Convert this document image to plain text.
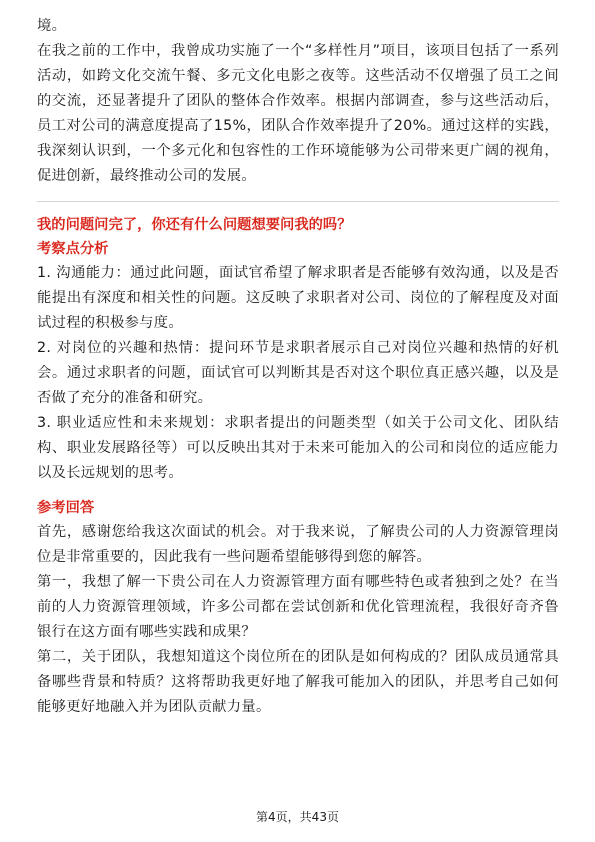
境。

在我之前的工作中，我曾成功实施了一个“多样性月”项目，该项目包括了一系列活动，如跨文化交流午餐、多元文化电影之夜等。这些活动不仅增强了员工之间的交流，还显著提升了团队的整体合作效率。根据内部调查，参与这些活动后，员工对公司的满意度提高了15%，团队合作效率提升了20%。通过这样的实践，我深刻认识到，一个多元化和包容性的工作环境能够为公司带来更广阔的视角，促进创新，最终推动公司的发展。

我的问题问完了，你还有什么问题想要问我的吗？

考察点分析

1. 沟通能力：通过此问题，面试官希望了解求职者是否能够有效沟通，以及是否能提出有深度和相关性的问题。这反映了求职者对公司、岗位的了解程度及对面试过程的积极参与度。

2. 对岗位的兴趣和热情：提问环节是求职者展示自己对岗位兴趣和热情的好机会。通过求职者的问题，面试官可以判断其是否对这个职位真正感兴趣，以及是否做了充分的准备和研究。

3. 职业适应性和未来规划：求职者提出的问题类型（如关于公司文化、团队结构、职业发展路径等）可以反映出其对于未来可能加入的公司和岗位的适应能力以及长远规划的思考。

参考回答

首先，感谢您给我这次面试的机会。对于我来说，了解贵公司的人力资源管理岗位是非常重要的，因此我有一些问题希望能够得到您的解答。

第一，我想了解一下贵公司在人力资源管理方面有哪些特色或者独到之处？在当前的人力资源管理领域，许多公司都在尝试创新和优化管理流程，我很好奇齐鲁银行在这方面有哪些实践和成果？

第二，关于团队，我想知道这个岗位所在的团队是如何构成的？团队成员通常具备哪些背景和特质？这将帮助我更好地了解我可能加入的团队，并思考自己如何能够更好地融入并为团队贡献力量。

第4页，共43页
